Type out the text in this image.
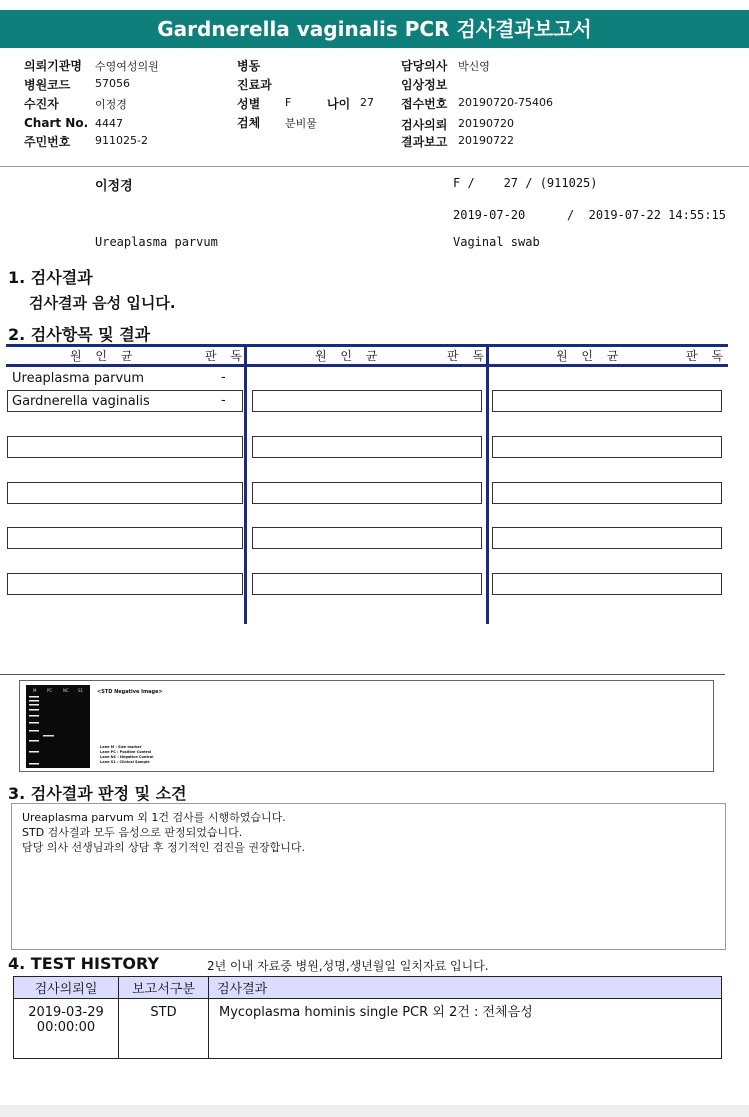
Gardnerella vaginalis PCR 검사결과보고서
의뢰기관명 수영여성의원
병원코드 57056
수진자	이정경
Chart No. 4447
주민번호 911025-2
병동
진료과
성별 F	나이 27
검체 분비물
담당의사 박신영
임상정보
접수번호 20190720-75406
검사의뢰 20190720
결과보고 20190722
이정경	F /    27 / (911025)
2019-07-20	/  2019-07-22 14:55:15
Ureaplasma parvum	Vaginal swab
1. 검사결과
검사결과 음성 입니다.
2. 검사항목 및 결과
원 인 균	판 독	원 인 균	판 독	원 인 균	판 독
Ureaplasma parvum	-
Gardnerella vaginalis	-
M	PC	NC S1	<STD Negative Image>
Lane M : Size marker
Lane PC : Positive Control
Lane NC : Negative Control
Lane S1 : Clinical Sample
3. 검사결과 판정 및 소견
Ureaplasma parvum 외 1건 검사를 시행하였습니다.
STD 검사결과 모두 음성으로 판정되었습니다.
담당 의사 선생님과의 상담 후 정기적인 검진을 권장합니다.
4. TEST HISTORY	2년 이내 자료중 병원,성명,생년월일 일치자료 입니다.
검사의뢰일	보고서구분	검사결과

2019-03-29
00:00:00	STD	Mycoplasma hominis single PCR 외 2건 : 전체음성
